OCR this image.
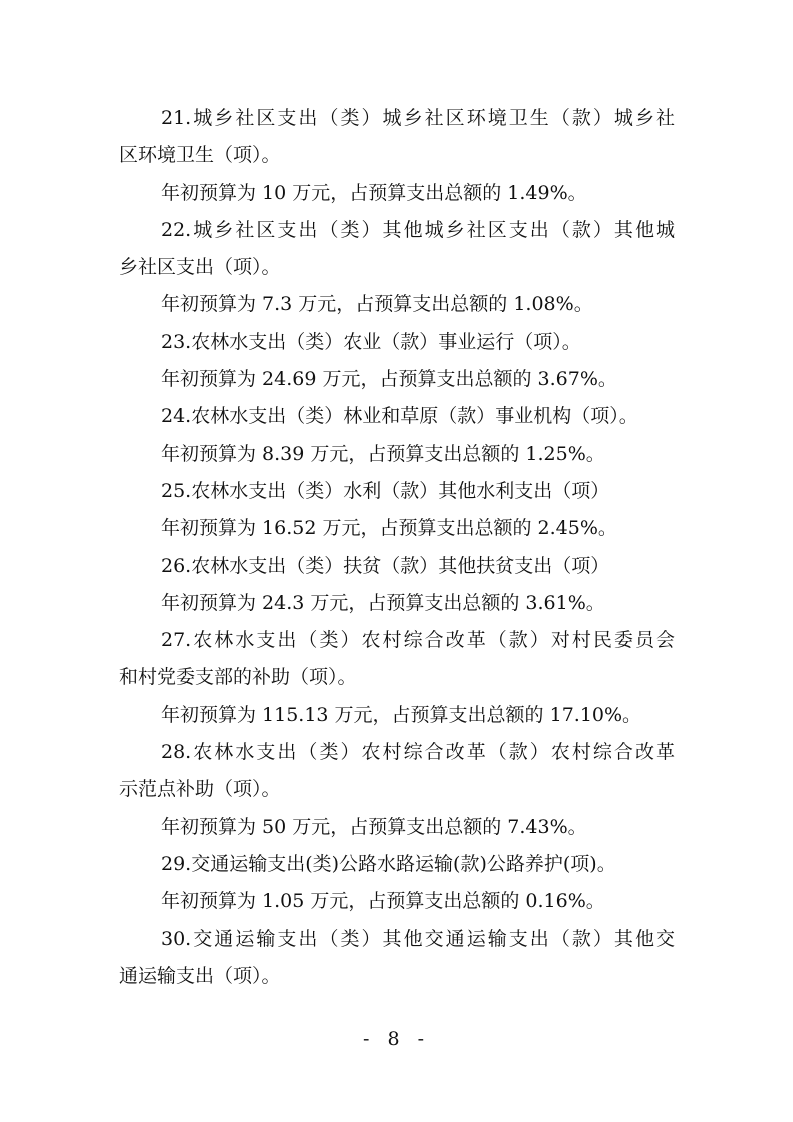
21.城乡社区支出（类）城乡社区环境卫生（款）城乡社
区环境卫生（项）。
年初预算为 10 万元，占预算支出总额的 1.49%。
22.城乡社区支出（类）其他城乡社区支出（款）其他城
乡社区支出（项）。
年初预算为 7.3 万元，占预算支出总额的 1.08%。
23.农林水支出（类）农业（款）事业运行（项）。
年初预算为 24.69 万元，占预算支出总额的 3.67%。
24.农林水支出（类）林业和草原（款）事业机构（项）。
年初预算为 8.39 万元，占预算支出总额的 1.25%。
25.农林水支出（类）水利（款）其他水利支出（项）
年初预算为 16.52 万元，占预算支出总额的 2.45%。
26.农林水支出（类）扶贫（款）其他扶贫支出（项）
年初预算为 24.3 万元，占预算支出总额的 3.61%。
27.农林水支出（类）农村综合改革（款）对村民委员会
和村党委支部的补助（项）。
年初预算为 115.13 万元，占预算支出总额的 17.10%。
28.农林水支出（类）农村综合改革（款）农村综合改革
示范点补助（项）。
年初预算为 50 万元，占预算支出总额的 7.43%。
29.交通运输支出(类)公路水路运输(款)公路养护(项)。
年初预算为 1.05 万元，占预算支出总额的 0.16%。
30.交通运输支出（类）其他交通运输支出（款）其他交
通运输支出（项）。
- 8 -
